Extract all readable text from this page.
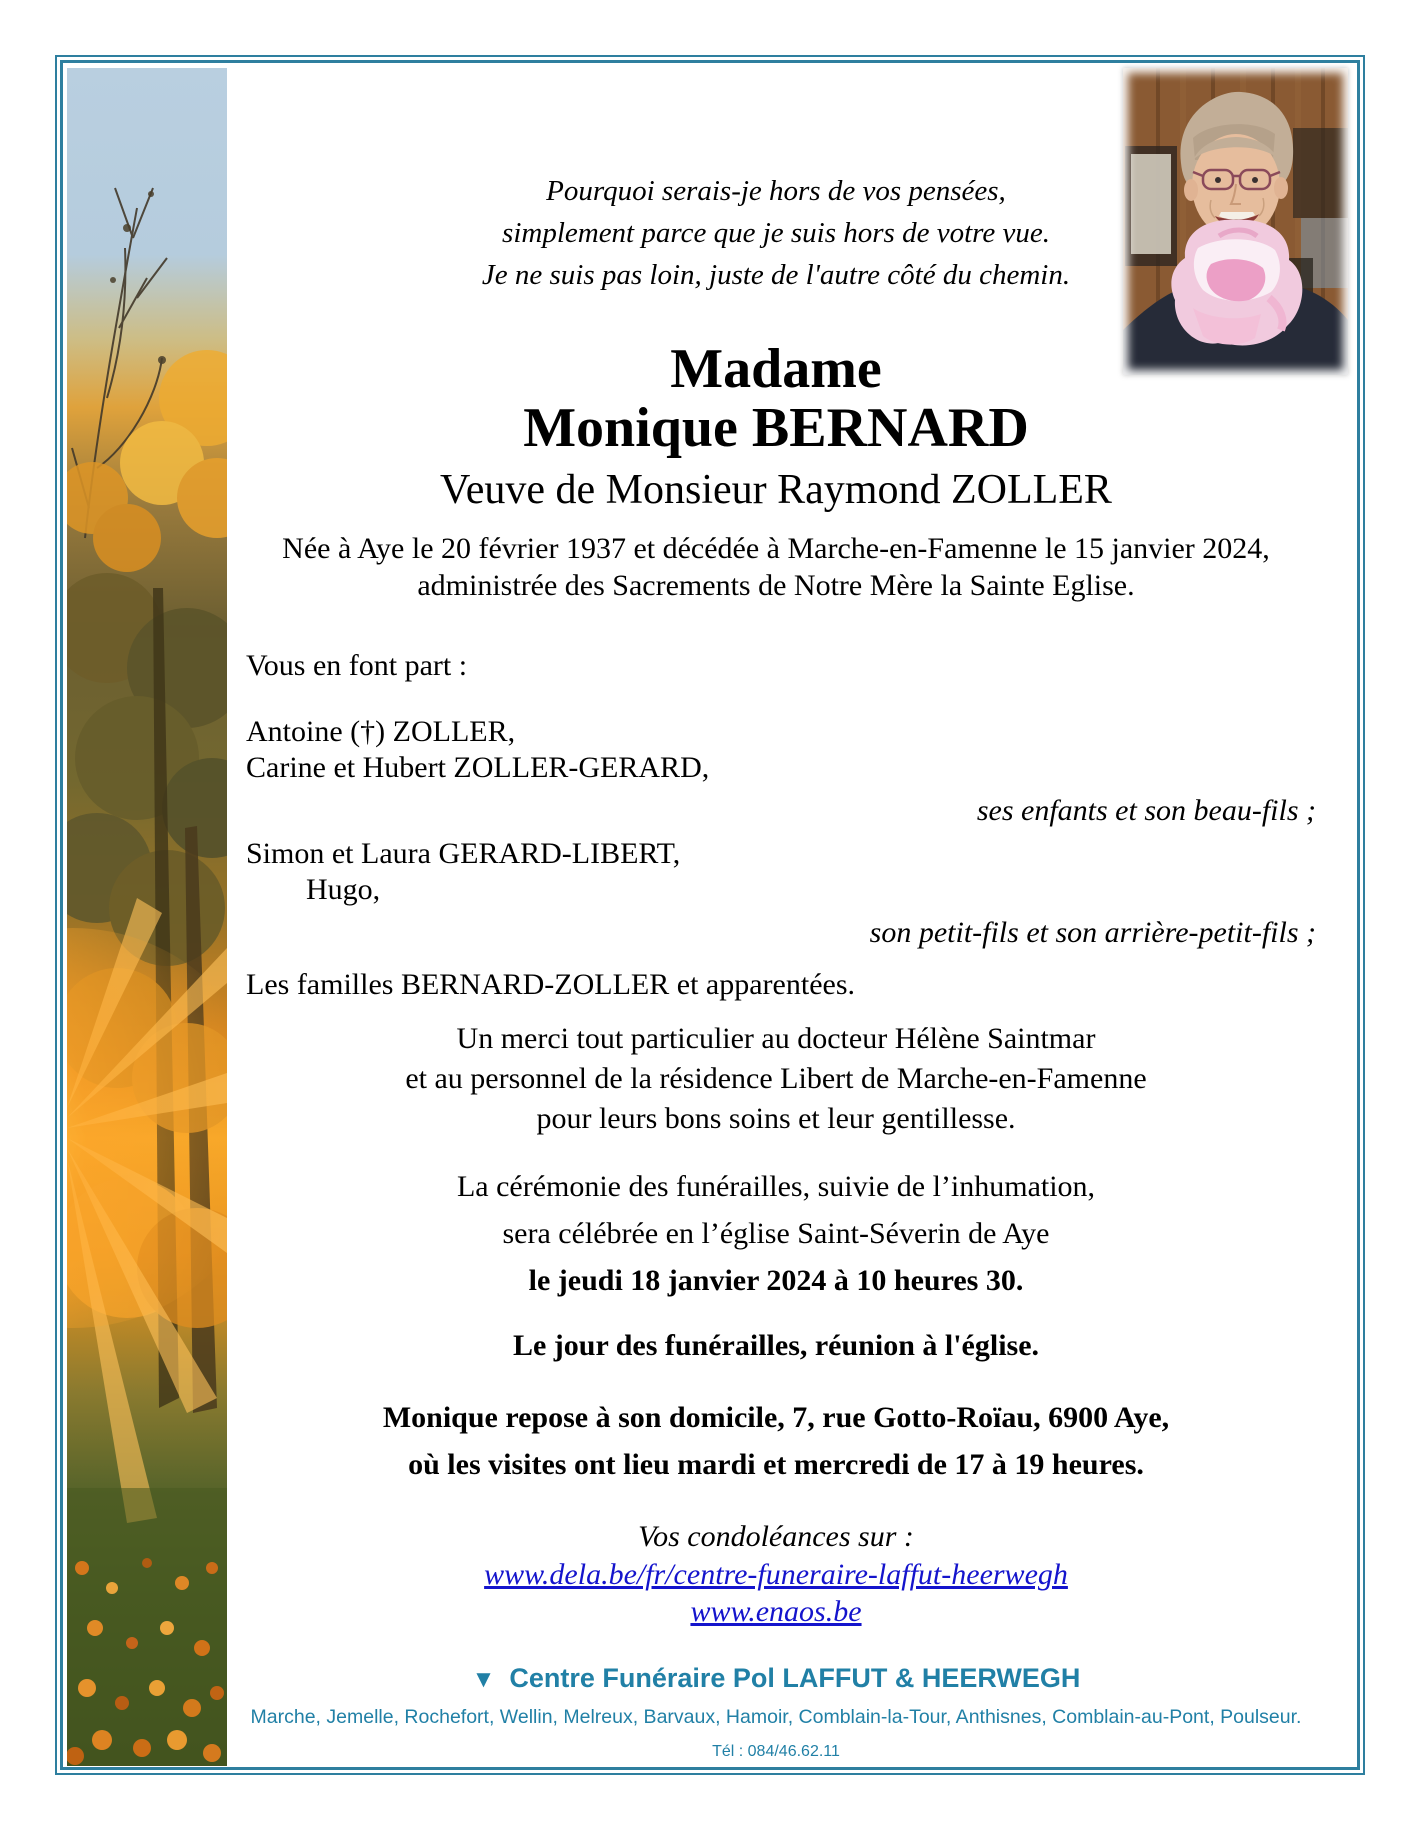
Pourquoi serais-je hors de vos pensées,
simplement parce que je suis hors de votre vue.
Je ne suis pas loin, juste de l'autre côté du chemin.
Madame
Monique BERNARD
Veuve de Monsieur Raymond ZOLLER
Née à Aye le 20 février 1937 et décédée à Marche-en-Famenne le 15 janvier 2024,
administrée des Sacrements de Notre Mère la Sainte Eglise.
Vous en font part :
Antoine (†) ZOLLER,
Carine et Hubert ZOLLER-GERARD,
ses enfants et son beau-fils ;
Simon et Laura GERARD-LIBERT,
Hugo,
son petit-fils et son arrière-petit-fils ;
Les familles BERNARD-ZOLLER et apparentées.
Un merci tout particulier au docteur Hélène Saintmar
et au personnel de la résidence Libert de Marche-en-Famenne
pour leurs bons soins et leur gentillesse.
La cérémonie des funérailles, suivie de l’inhumation,
sera célébrée en l’église Saint-Séverin de Aye
le jeudi 18 janvier 2024 à 10 heures 30.
Le jour des funérailles, réunion à l'église.
Monique repose à son domicile, 7, rue Gotto-Roïau, 6900 Aye,
où les visites ont lieu mardi et mercredi de 17 à 19 heures.
Vos condoléances sur :
www.dela.be/fr/centre-funeraire-laffut-heerwegh
www.enaos.be
▼ Centre Funéraire Pol LAFFUT & HEERWEGH
Marche, Jemelle, Rochefort, Wellin, Melreux, Barvaux, Hamoir, Comblain-la-Tour, Anthisnes, Comblain-au-Pont, Poulseur.
Tél : 084/46.62.11
